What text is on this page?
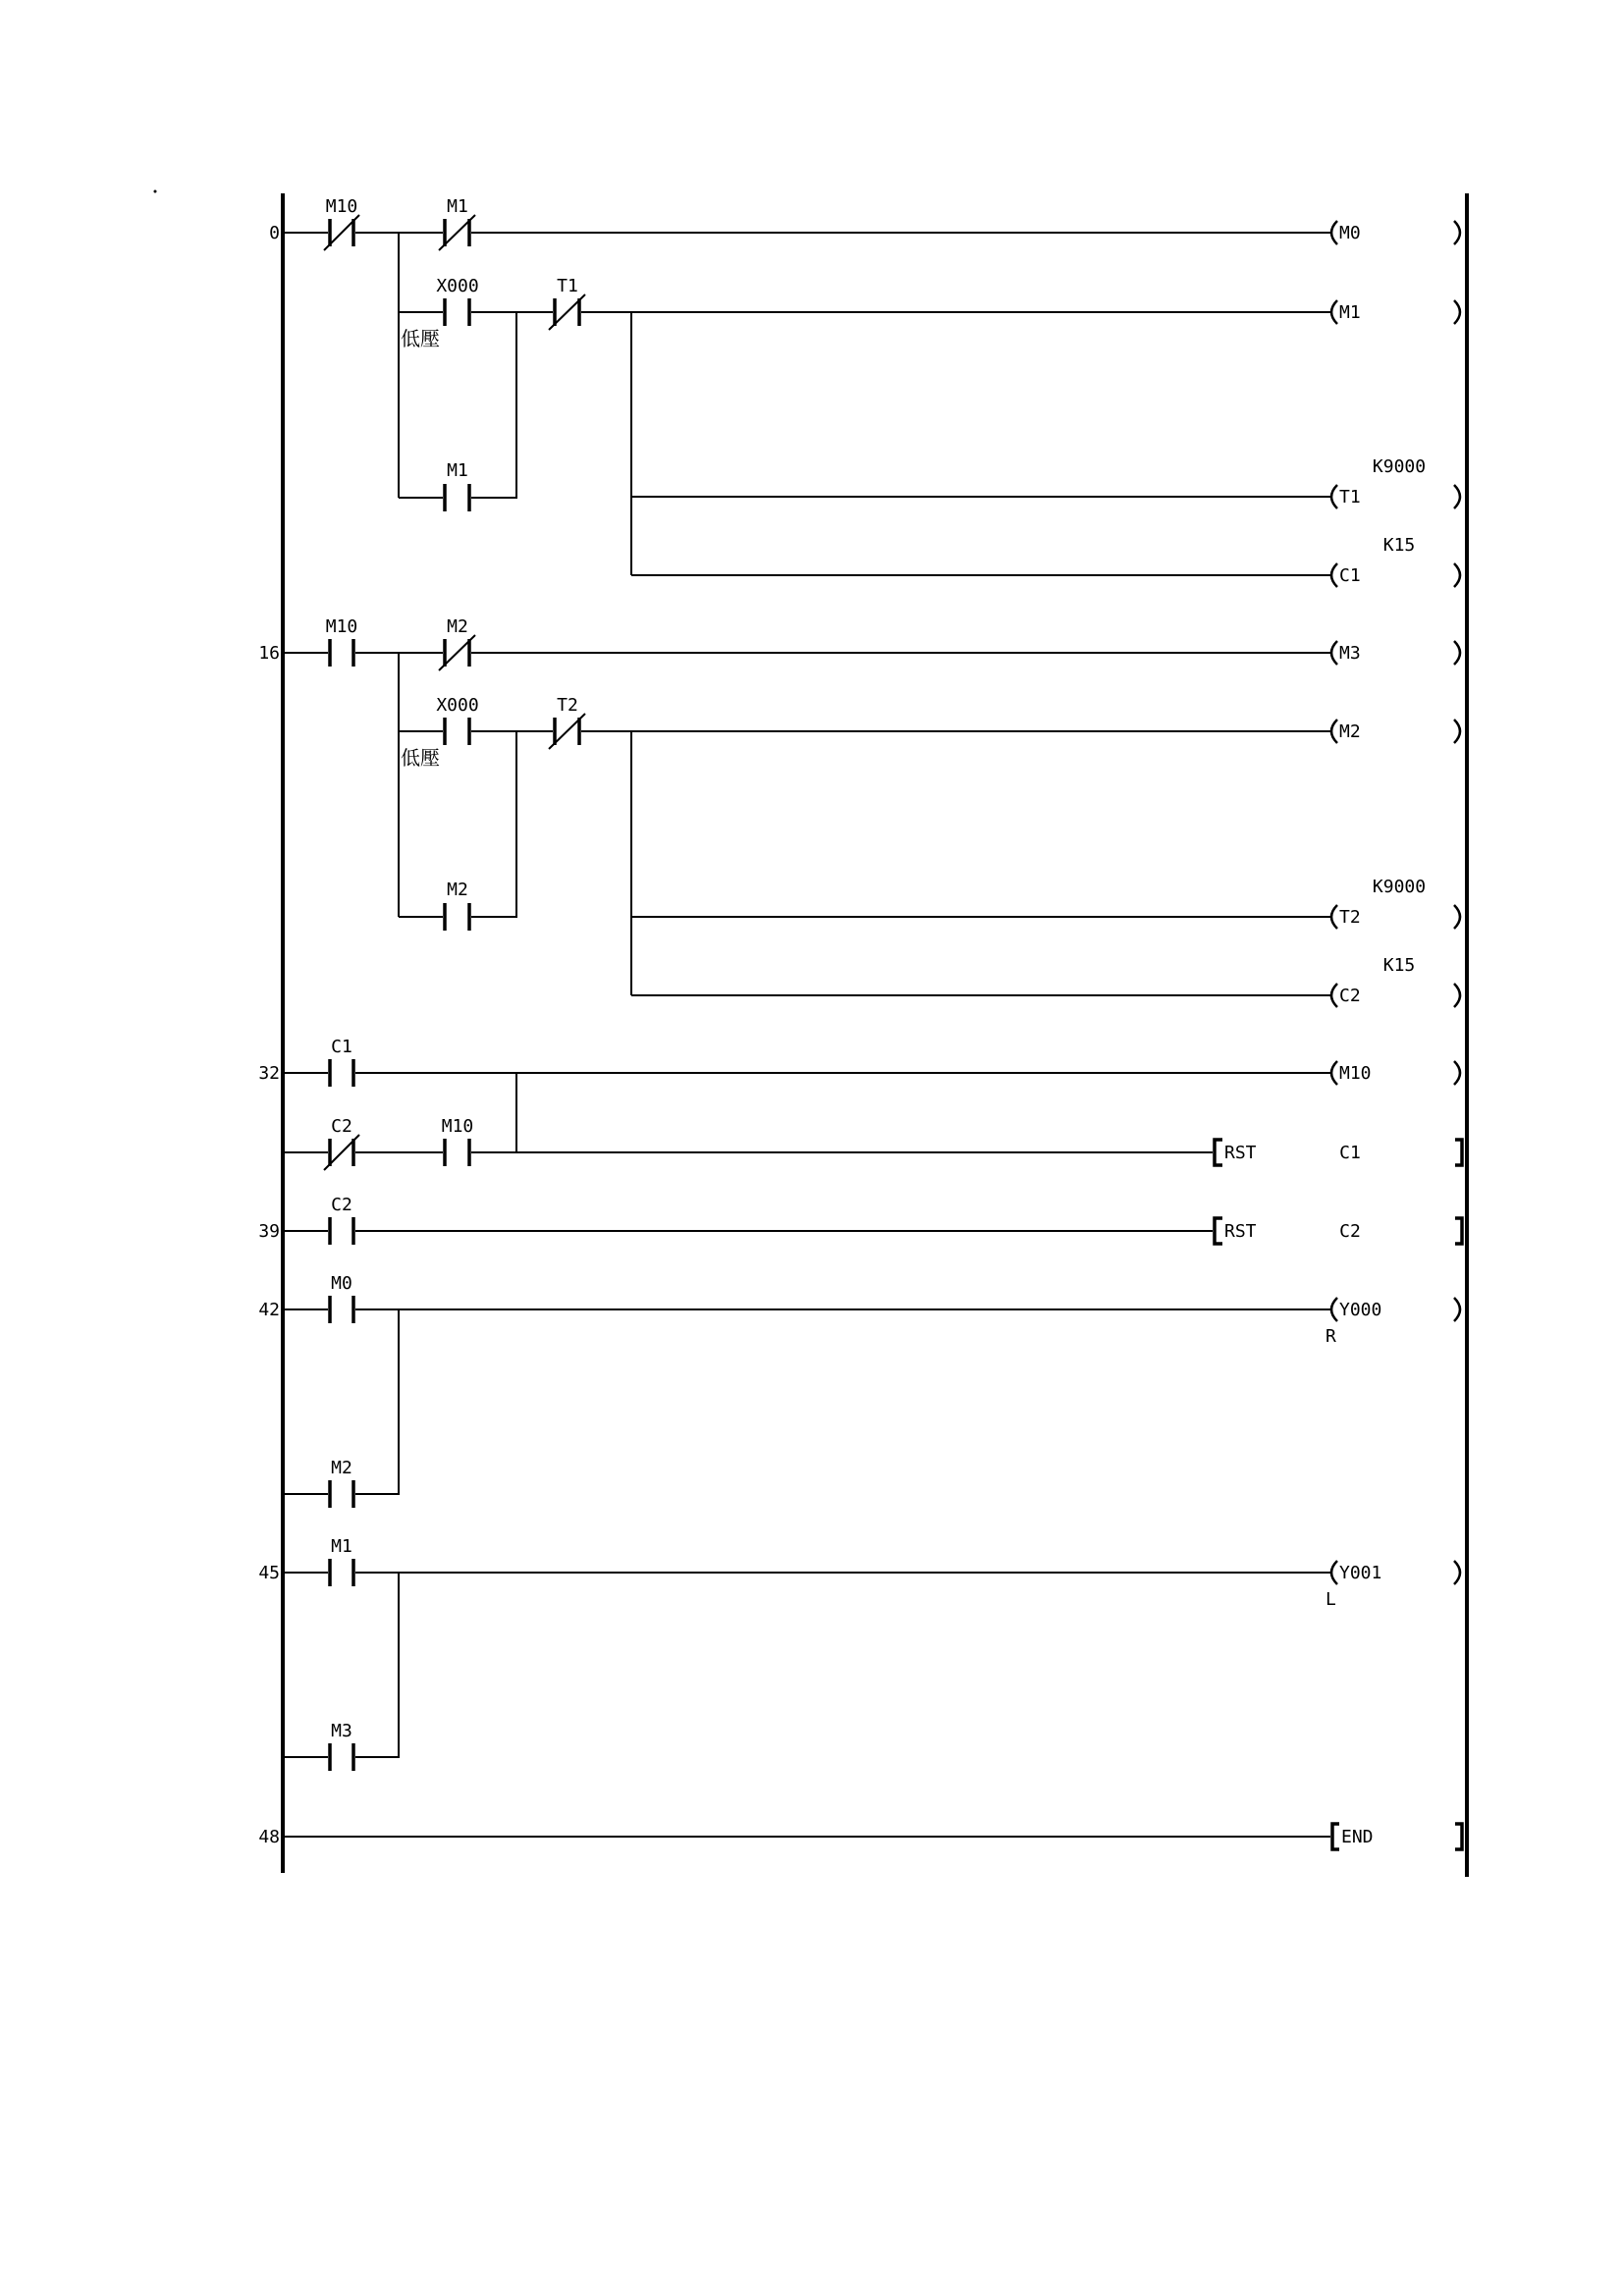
0
16
32
39
42
45
48
M10	M1
X000	T1
M1
M10	M2
X000	T2
M2
C1
C2	M10
C2
M0
M2
M1
M3
低壓
低壓
M0
M1
T1
C1
M3
M2
T2
C2
M10
Y000
Y001
K9000
K15
K9000
K15
R
L
RST	C1
RST	C2
END
